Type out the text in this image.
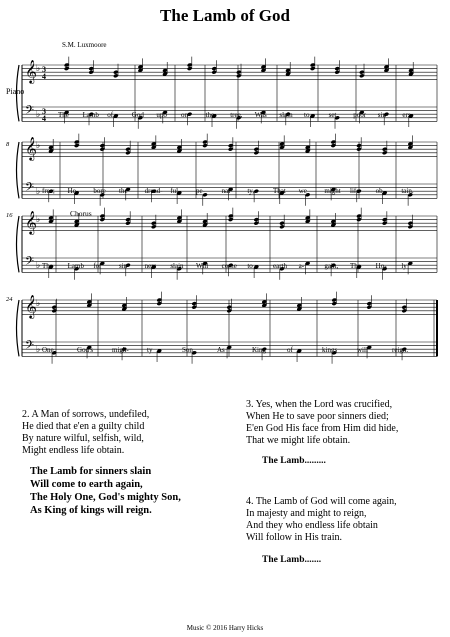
The Lamb of God
S.M. Luxmoore
Piano
Chorus
𝄞 ♭
𝄢 ♭
3
4
3
4
𝄞 ♭
𝄢 ♭
𝄞 ♭
𝄢 ♭
𝄞 ♭
𝄢 ♭
The Lamb of	God upo on	the tree, Was slain to	set poor sin- ers
free; He	bore the dread- ful	pe- nal- ty,	That we	might life ob- tain.
The Lamb for	sin- ners slain Will come to	earth a-	gain, The Ho- ly
One,	God's	migh-	ty	Son,	As	King	of	kings	will	reign.
8
16
24
2. A Man of sorrows, undefiled,
He died that e'en a guilty child
By nature wilful, selfish, wild,
Might endless life obtain.
The Lamb for sinners slain
Will come to earth again,
The Holy One, God's mighty Son,
As King of kings will reign.
3. Yes, when the Lord was crucified,
When He to save poor sinners died;
E'en God His face from Him did hide,
That we might life obtain.
The Lamb.........
4. The Lamb of God will come again,
In majesty and might to reign,
And they who endless life obtain
Will follow in His train.
The Lamb.......
Music © 2016 Harry Hicks
